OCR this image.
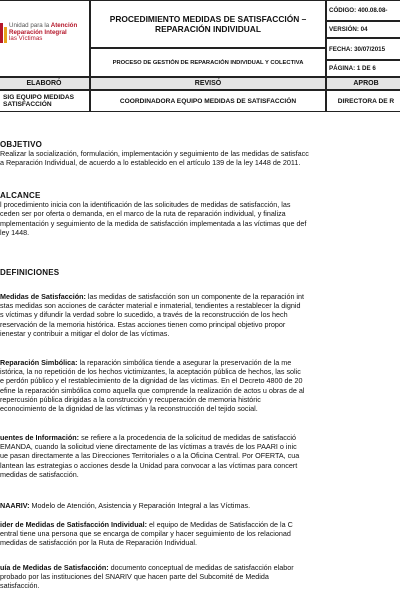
Unidad para la Atención
Reparación Integral
las Víctimas
PROCEDIMIENTO MEDIDAS DE SATISFACCIÓN – REPARACIÓN INDIVIDUAL
PROCESO DE GESTIÓN DE REPARACIÓN INDIVIDUAL Y COLECTIVA
CÓDIGO: 400.08.08-
VERSIÓN: 04
FECHA: 30/07/2015
PÁGINA: 1 DE 6
ELABORÓ	REVISÓ	APROB
SIG EQUIPO MEDIDAS SATISFACCIÓN	COORDINADORA EQUIPO MEDIDAS DE SATISFACCIÓN	DIRECTORA DE R
OBJETIVO
Realizar la socialización, formulación, implementación y seguimiento de las medidas de satisfacc
a Reparación Individual, de acuerdo a lo establecido en el artículo 139 de la ley 1448 de 2011.
ALCANCE
l procedimiento inicia con la identificación de las solicitudes de medidas de satisfacción, las
ceden ser por oferta o demanda, en el marco de la ruta de reparación individual, y finaliza
mplementación y seguimiento de la medida de satisfacción implementada a las víctimas que def
ley 1448.
DEFINICIONES
Medidas de Satisfacción: las medidas de satisfacción son un componente de la reparación int
stas medidas son acciones de carácter material e inmaterial, tendientes a restablecer la dignid
s víctimas y difundir la verdad sobre lo sucedido, a través de la reconstrucción de los hech
reservación de la memoria histórica. Estas acciones tienen como principal objetivo propor
ienestar y contribuir a mitigar el dolor de las víctimas.
Reparación Simbólica: la reparación simbólica tiende a asegurar la preservación de la me
istórica, la no repetición de los hechos victimizantes, la aceptación pública de hechos, las solic
e perdón público y el restablecimiento de la dignidad de las víctimas. En el Decreto 4800 de 20
efine la reparación simbólica como aquella que comprende la realización de actos u obras de al
repercusión pública dirigidas a la construcción y recuperación de memoria históric
econocimiento de la dignidad de las víctimas y la reconstrucción del tejido social.
uentes de Información: se refiere a la procedencia de la solicitud de medidas de satisfacció
EMANDA, cuando la solicitud viene directamente de las víctimas a través de los PAARI o inic
ue pasan directamente a las Direcciones Territoriales o a la Oficina Central. Por OFERTA, cua
lantean las estrategias o acciones desde la Unidad para convocar a las víctimas para concert
medidas de satisfacción.
NAARIV: Modelo de Atención, Asistencia y Reparación Integral a las Víctimas.
ider de Medidas de Satisfacción Individual: el equipo de Medidas de Satisfacción de la C
entral tiene una persona que se encarga de compilar y hacer seguimiento de los relacionad
medidas de satisfacción por la Ruta de Reparación Individual.
uía de Medidas de Satisfacción: documento conceptual de medidas de satisfacción elabor
probado por las instituciones del SNARIV que hacen parte del Subcomité de Medida
satisfacción.
